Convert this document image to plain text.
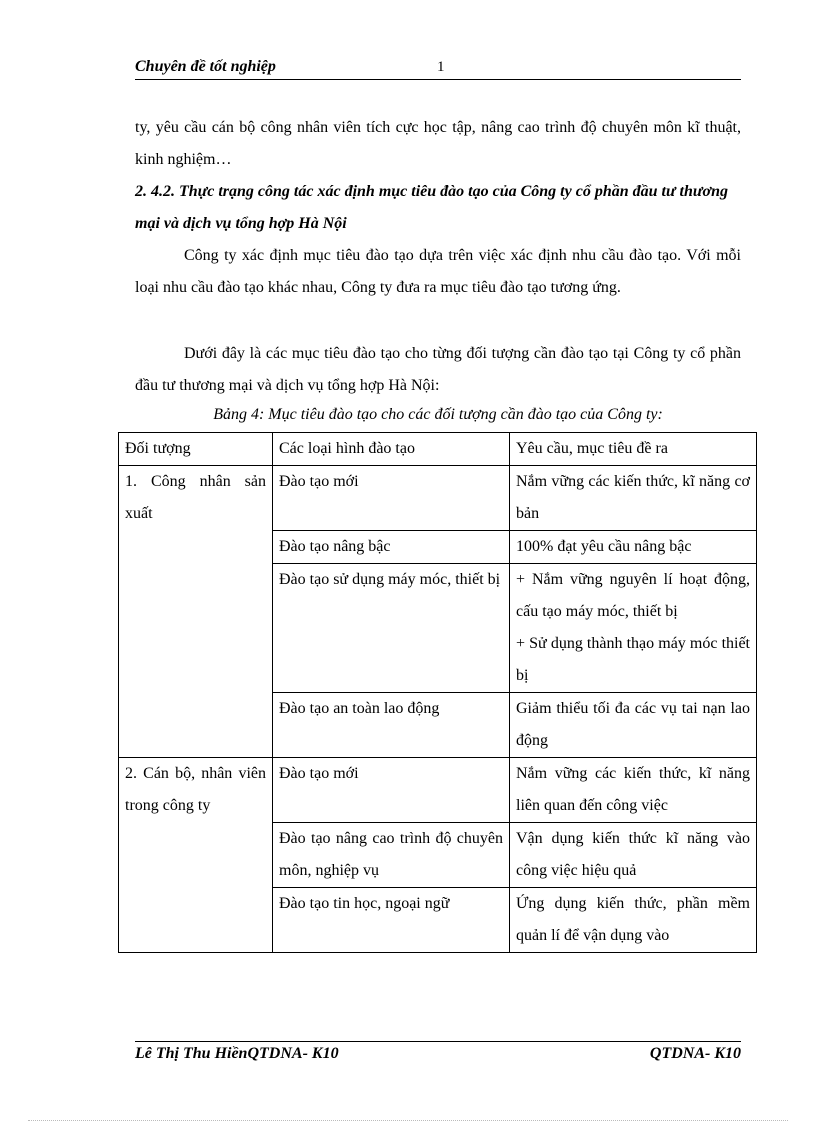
Chuyên đề tốt nghiệp	1
ty, yêu cầu cán bộ công nhân viên tích cực học tập, nâng cao trình độ chuyên môn kĩ thuật, kinh nghiệm…
2. 4.2. Thực trạng công tác xác định mục tiêu đào tạo của Công ty cổ phần đầu tư thương mại và dịch vụ tổng hợp Hà Nội
Công ty xác định mục tiêu đào tạo dựa trên việc xác định nhu cầu đào tạo. Với mỗi loại nhu cầu đào tạo khác nhau, Công ty đưa ra mục tiêu đào tạo tương ứng.
Dưới đây là các mục tiêu đào tạo cho từng đối tượng cần đào tạo tại Công ty cổ phần đầu tư thương mại và dịch vụ tổng hợp Hà Nội:
Bảng 4: Mục tiêu đào tạo cho các đối tượng cần đào tạo của Công ty:
Đối tượng	Các loại hình đào tạo	Yêu cầu, mục tiêu đề ra
1. Công nhân sản xuất	Đào tạo mới	Nắm vững các kiến thức, kĩ năng cơ bản
	Đào tạo nâng bậc	100% đạt yêu cầu nâng bậc
	Đào tạo sử dụng máy móc, thiết bị	+ Nắm vững nguyên lí hoạt động, cấu tạo máy móc, thiết bị
+ Sử dụng thành thạo máy móc thiết bị

	Đào tạo an toàn lao động	Giảm thiểu tối đa các vụ tai nạn lao động
2. Cán bộ, nhân viên trong công ty	Đào tạo mới	Nắm vững các kiến thức, kĩ năng liên quan đến công việc
	Đào tạo nâng cao trình độ chuyên môn, nghiệp vụ	Vận dụng kiến thức kĩ năng vào công việc hiệu quả
	Đào tạo tin học, ngoại ngữ	Ứng dụng kiến thức, phần mềm quản lí để vận dụng vào
Lê Thị Thu HiềnQTDNA- K10	QTDNA- K10
